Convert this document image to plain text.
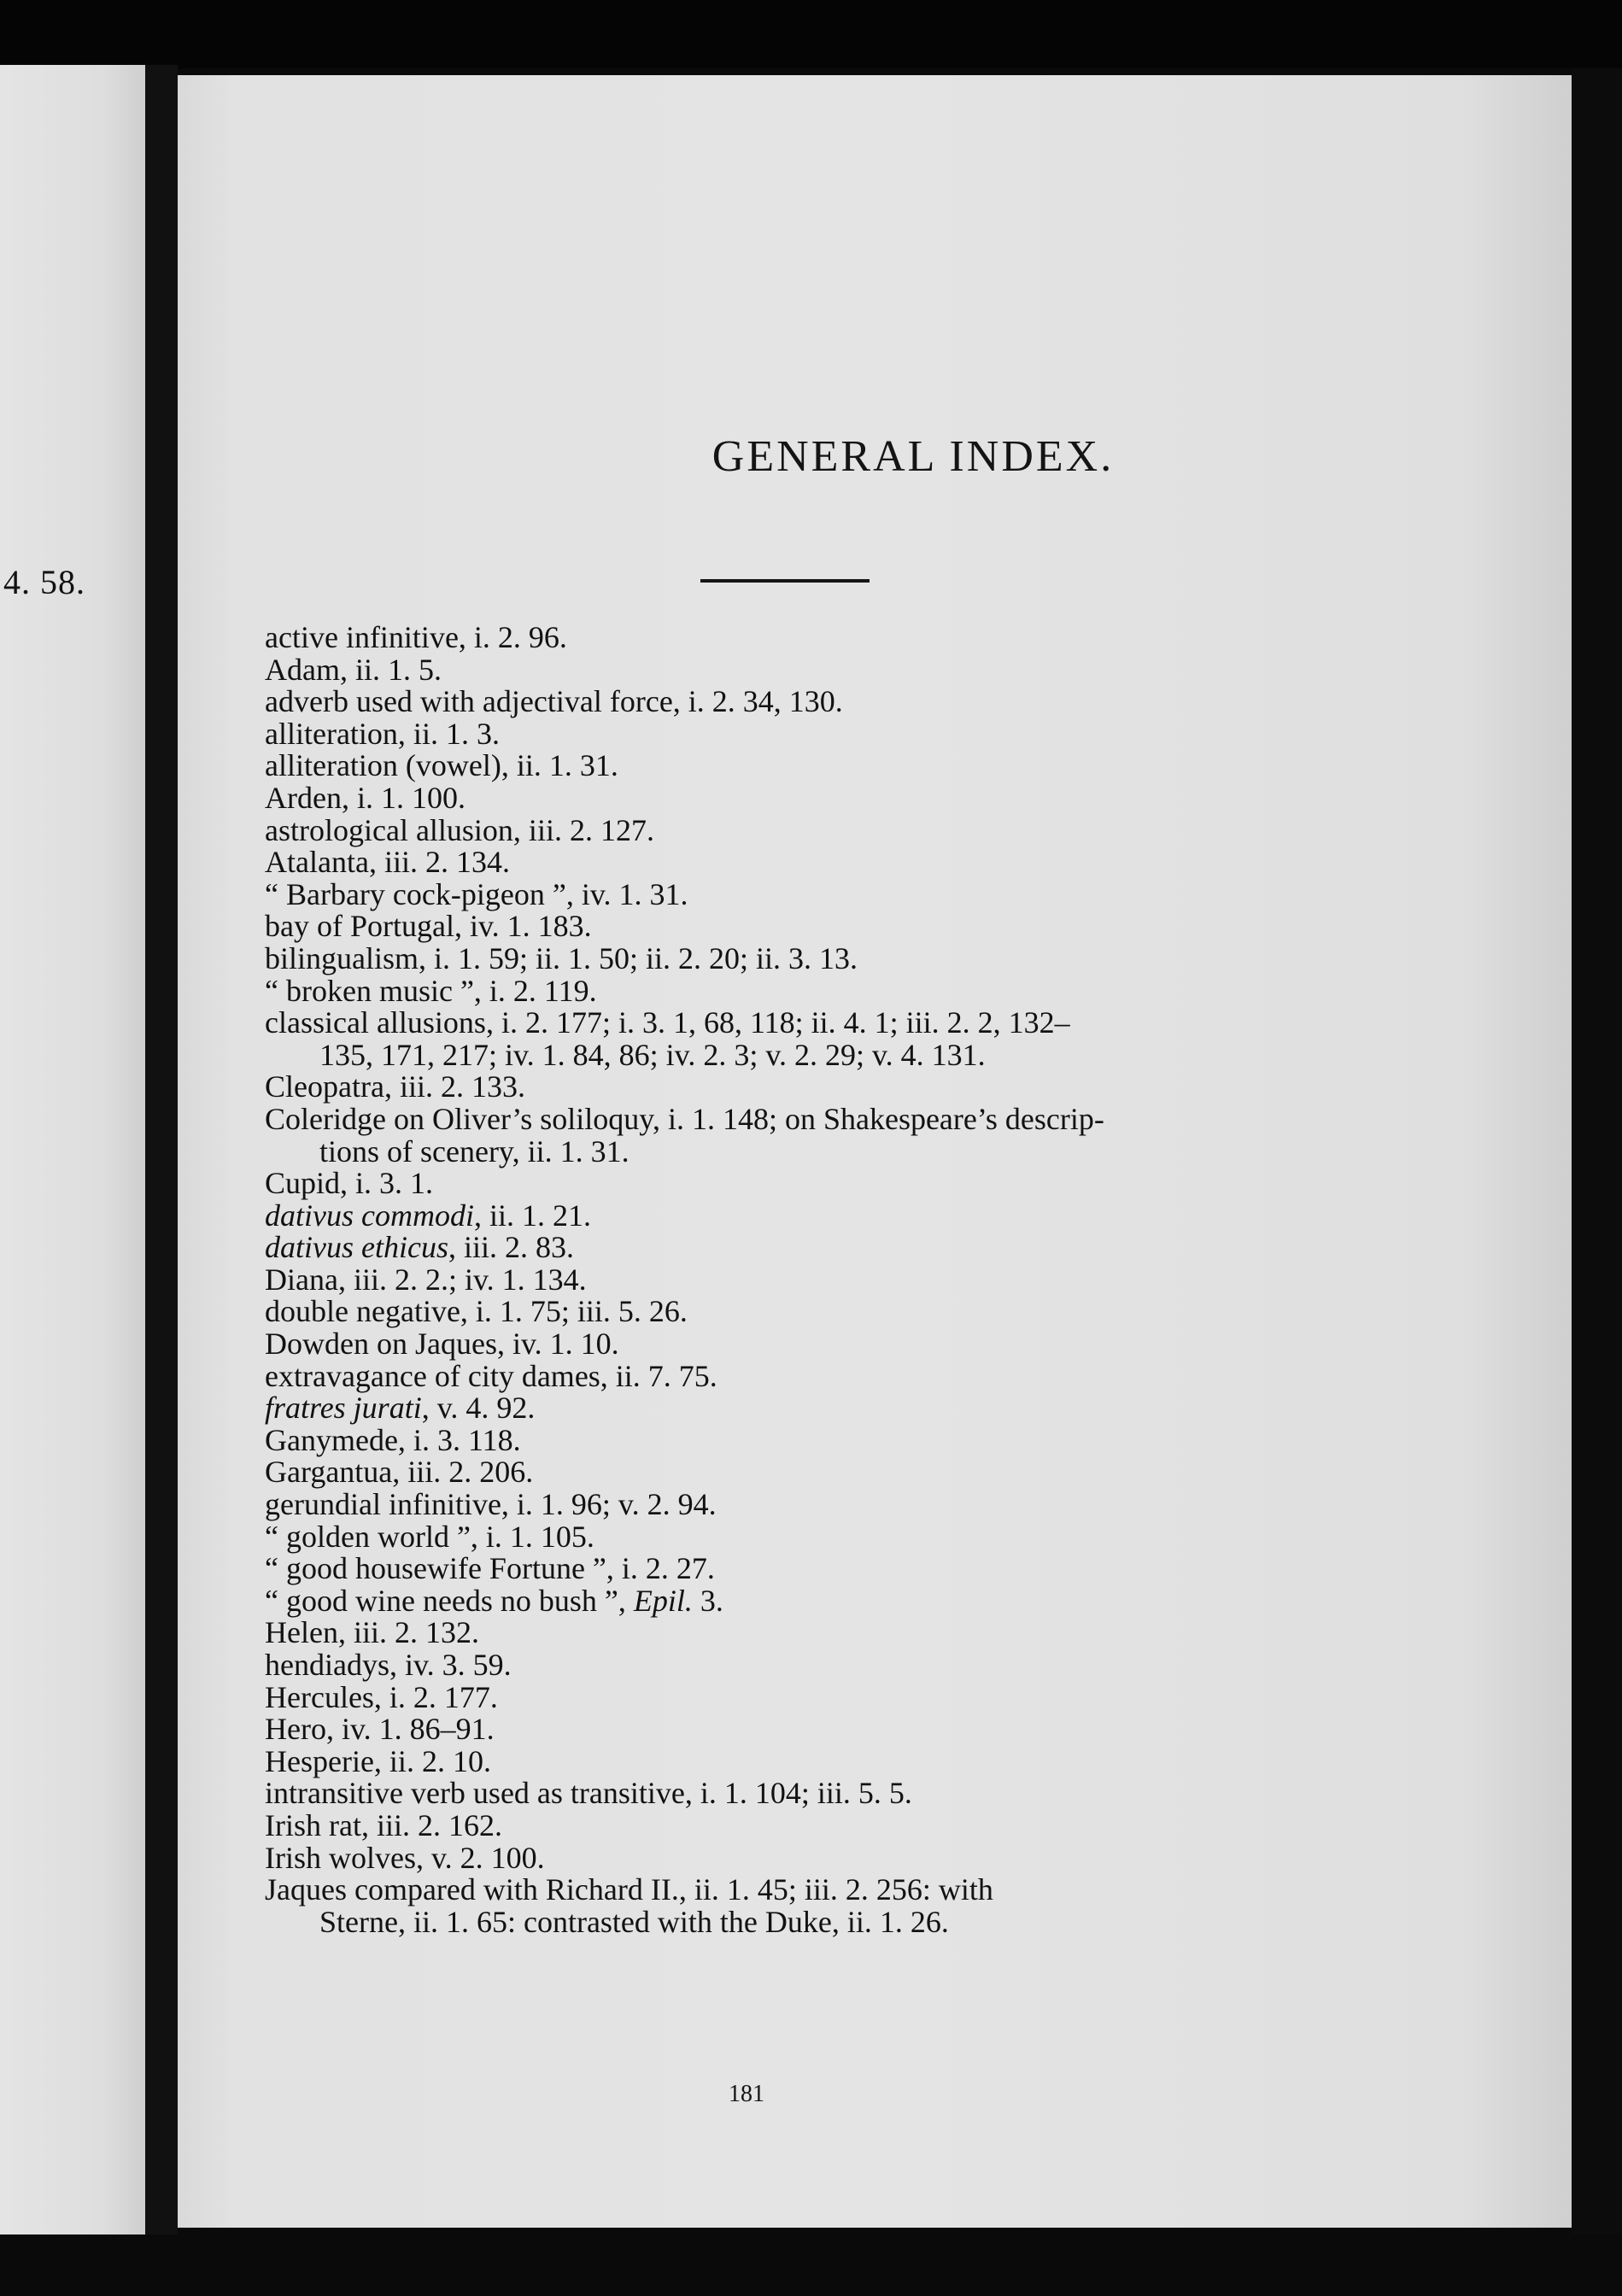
4. 58.
GENERAL INDEX.
active infinitive, i. 2. 96.
Adam, ii. 1. 5.
adverb used with adjectival force, i. 2. 34, 130.
alliteration, ii. 1. 3.
alliteration (vowel), ii. 1. 31.
Arden, i. 1. 100.
astrological allusion, iii. 2. 127.
Atalanta, iii. 2. 134.
“ Barbary cock-pigeon ”, iv. 1. 31.
bay of Portugal, iv. 1. 183.
bilingualism, i. 1. 59; ii. 1. 50; ii. 2. 20; ii. 3. 13.
“ broken music ”, i. 2. 119.
classical allusions, i. 2. 177; i. 3. 1, 68, 118; ii. 4. 1; iii. 2. 2, 132–
135, 171, 217; iv. 1. 84, 86; iv. 2. 3; v. 2. 29; v. 4. 131.
Cleopatra, iii. 2. 133.
Coleridge on Oliver’s soliloquy, i. 1. 148; on Shakespeare’s descrip-
tions of scenery, ii. 1. 31.
Cupid, i. 3. 1.
dativus commodi, ii. 1. 21.
dativus ethicus, iii. 2. 83.
Diana, iii. 2. 2.; iv. 1. 134.
double negative, i. 1. 75; iii. 5. 26.
Dowden on Jaques, iv. 1. 10.
extravagance of city dames, ii. 7. 75.
fratres jurati, v. 4. 92.
Ganymede, i. 3. 118.
Gargantua, iii. 2. 206.
gerundial infinitive, i. 1. 96; v. 2. 94.
“ golden world ”, i. 1. 105.
“ good housewife Fortune ”, i. 2. 27.
“ good wine needs no bush ”, Epil. 3.
Helen, iii. 2. 132.
hendiadys, iv. 3. 59.
Hercules, i. 2. 177.
Hero, iv. 1. 86–91.
Hesperie, ii. 2. 10.
intransitive verb used as transitive, i. 1. 104; iii. 5. 5.
Irish rat, iii. 2. 162.
Irish wolves, v. 2. 100.
Jaques compared with Richard II., ii. 1. 45; iii. 2. 256: with
Sterne, ii. 1. 65: contrasted with the Duke, ii. 1. 26.
181
